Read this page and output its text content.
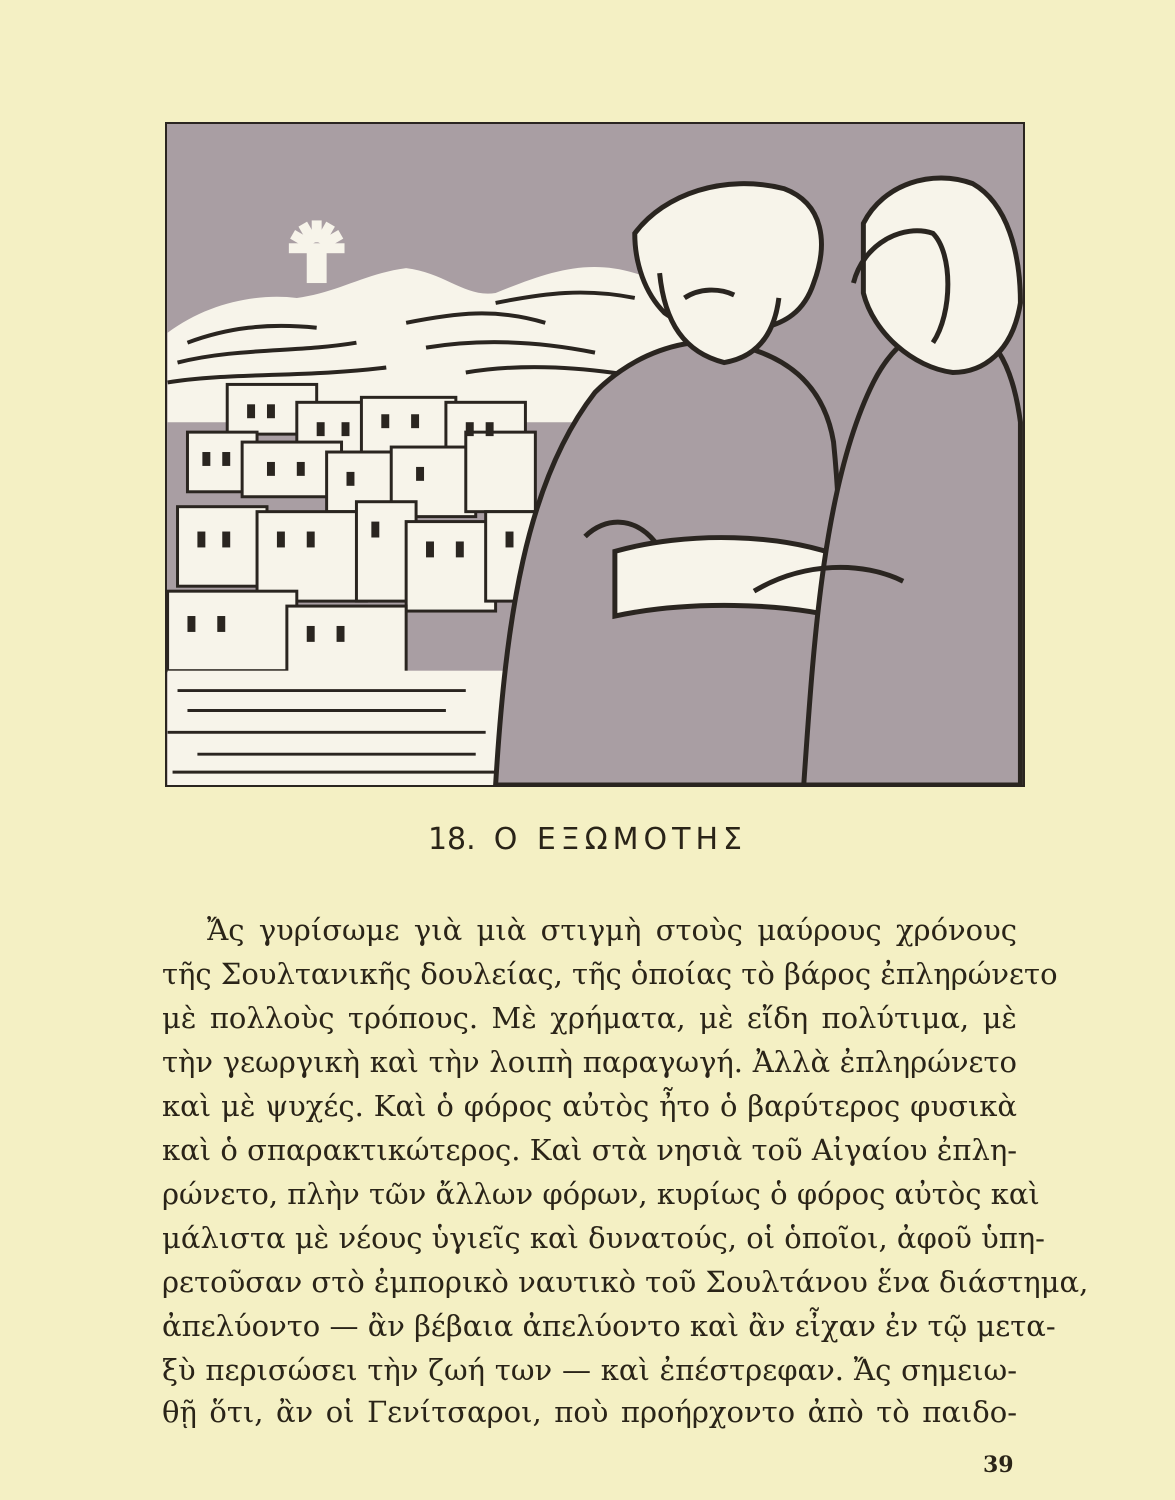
18. Ο ΕΞΩΜΟΤΗΣ
Ἄς γυρίσωμε γιὰ μιὰ στιγμὴ στοὺς μαύρους χρόνους
τῆς Σουλτανικῆς δουλείας, τῆς ὁποίας τὸ βάρος ἐπληρώνετο
μὲ πολλοὺς τρόπους. Μὲ χρήματα, μὲ εἴδη πολύτιμα, μὲ
τὴν γεωργικὴ καὶ τὴν λοιπὴ παραγωγή. Ἀλλὰ ἐπληρώνετο
καὶ μὲ ψυχές. Καὶ ὁ φόρος αὐτὸς ἦτο ὁ βαρύτερος φυσικὰ
καὶ ὁ σπαρακτικώτερος. Καὶ στὰ νησιὰ τοῦ Αἰγαίου ἐπλη-
ρώνετο, πλὴν τῶν ἄλλων φόρων, κυρίως ὁ φόρος αὐτὸς καὶ
μάλιστα μὲ νέους ὑγιεῖς καὶ δυνατούς, οἱ ὁποῖοι, ἀφοῦ ὑπη-
ρετοῦσαν στὸ ἐμπορικὸ ναυτικὸ τοῦ Σουλτάνου ἕνα διάστημα,
ἀπελύοντο — ἂν βέβαια ἀπελύοντο καὶ ἂν εἶχαν ἐν τῷ μετα-
ξὺ περισώσει τὴν ζωή των — καὶ ἐπέστρεφαν. Ἄς σημειω-
θῇ ὅτι, ἂν οἱ Γενίτσαροι, ποὺ προήρχοντο ἀπὸ τὸ παιδο-
39
